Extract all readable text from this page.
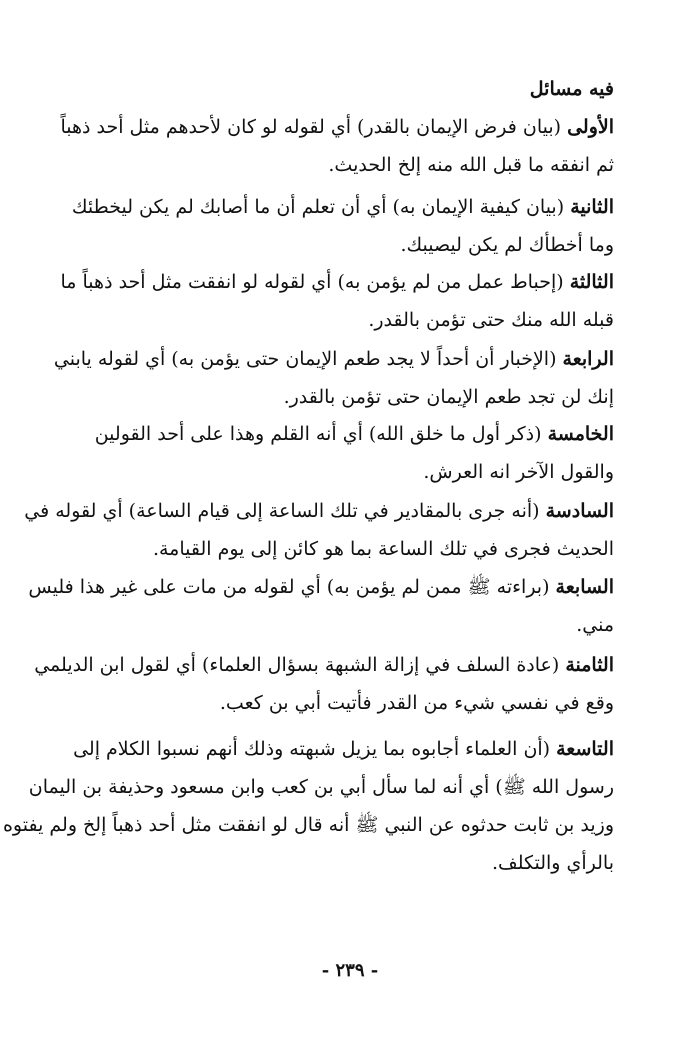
فيه مسائل
الأولى (بيان فرض الإيمان بالقدر) أي لقوله لو كان لأحدهم مثل أحد ذهباً
ثم انفقه ما قبل الله منه إلخ الحديث.
الثانية (بيان كيفية الإيمان به) أي أن تعلم أن ما أصابك لم يكن ليخطئك
وما أخطأك لم يكن ليصيبك.
الثالثة (إحباط عمل من لم يؤمن به) أي لقوله لو انفقت مثل أحد ذهباً ما
قبله الله منك حتى تؤمن بالقدر.
الرابعة (الإخبار أن أحداً لا يجد طعم الإيمان حتى يؤمن به) أي لقوله يابني
إنك لن تجد طعم الإيمان حتى تؤمن بالقدر.
الخامسة (ذكر أول ما خلق الله) أي أنه القلم وهذا على أحد القولين
والقول الآخر انه العرش.
السادسة (أنه جرى بالمقادير في تلك الساعة إلى قيام الساعة) أي لقوله في
الحديث فجرى في تلك الساعة بما هو كائن إلى يوم القيامة.
السابعة (براءته ﷺ ممن لم يؤمن به) أي لقوله من مات على غير هذا فليس
مني.
الثامنة (عادة السلف في إزالة الشبهة بسؤال العلماء) أي لقول ابن الديلمي
وقع في نفسي شيء من القدر فأتيت أبي بن كعب.
التاسعة (أن العلماء أجابوه بما يزيل شبهته وذلك أنهم نسبوا الكلام إلى
رسول الله ﷺ) أي أنه لما سأل أبي بن كعب وابن مسعود وحذيفة بن اليمان
وزيد بن ثابت حدثوه عن النبي ﷺ أنه قال لو انفقت مثل أحد ذهباً إلخ ولم يفتوه
بالرأي والتكلف.
- ٢٣٩ -
